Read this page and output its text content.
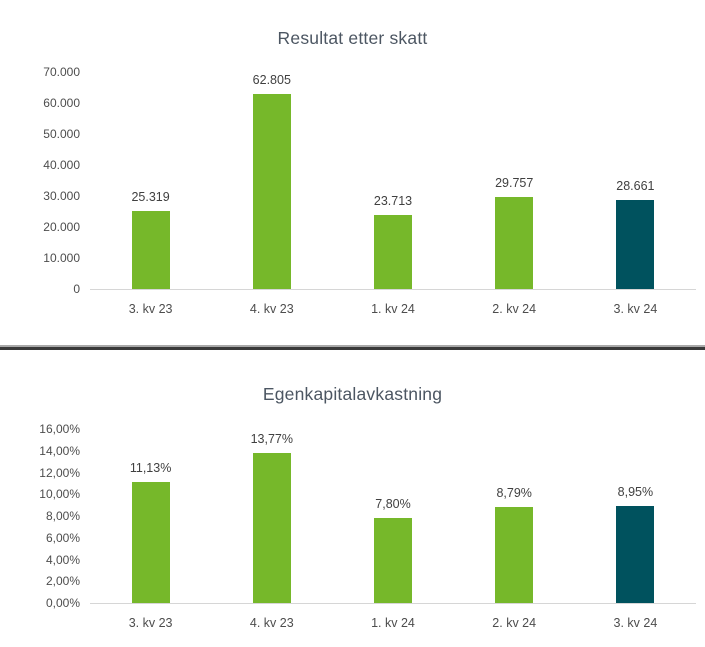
Resultat etter skatt
70.000
60.000
50.000
40.000
30.000
20.000
10.000
0
25.319
3. kv 23
62.805
4. kv 23
23.713
1. kv 24
29.757
2. kv 24
28.661
3. kv 24
Egenkapitalavkastning
16,00%
14,00%
12,00%
10,00%
8,00%
6,00%
4,00%
2,00%
0,00%
11,13%
3. kv 23
13,77%
4. kv 23
7,80%
1. kv 24
8,79%
2. kv 24
8,95%
3. kv 24
